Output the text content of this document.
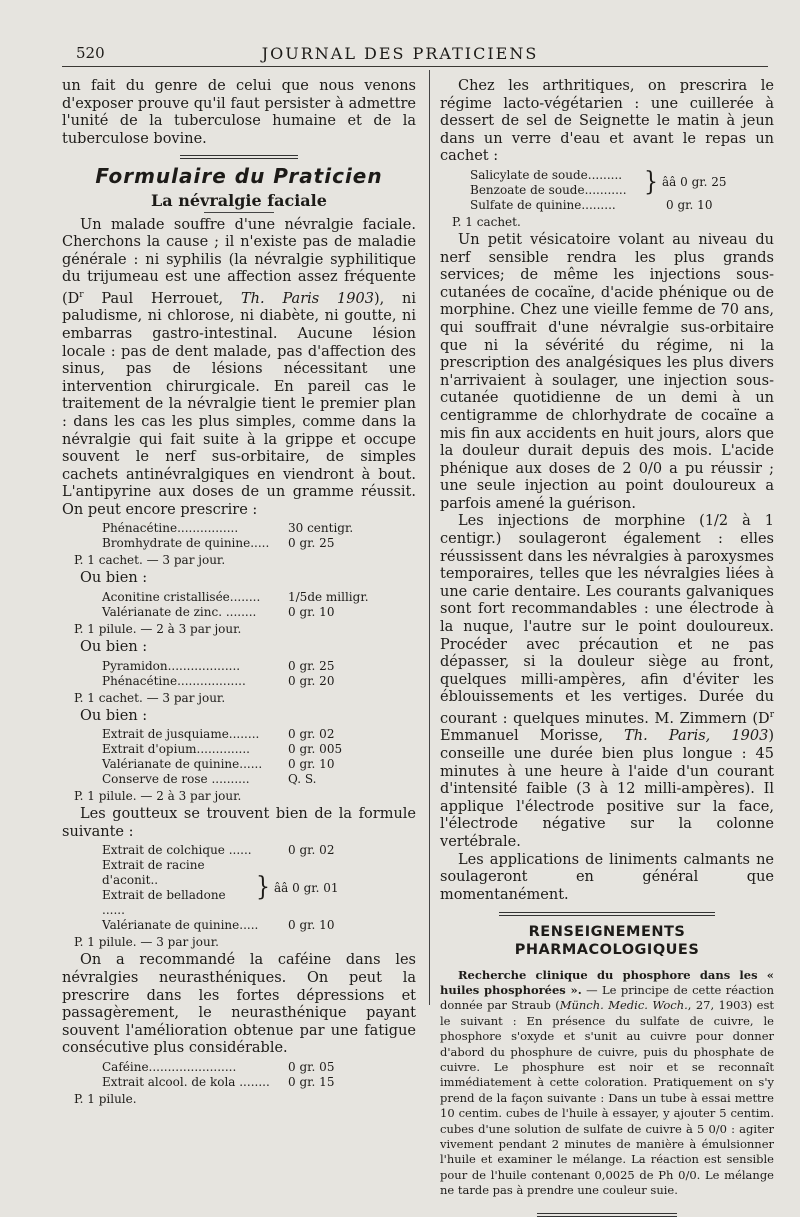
520	JOURNAL DES PRATICIENS

un fait du genre de celui que nous venons d'exposer prouve qu'il faut persister à admettre l'unité de la tuberculose humaine et de la tuberculose bovine.

Formulaire du Praticien
La névralgie faciale

Un malade souffre d'une névralgie faciale. Cherchons la cause ; il n'existe pas de maladie générale : ni syphilis (la névralgie syphilitique du trijumeau est une affection assez fréquente ($D^r$ Paul Herrouet, Th. Paris 1903), ni paludisme, ni chlorose, ni diabète, ni goutte, ni embarras gastro-intestinal. Aucune lésion locale : pas de dent malade, pas d'affection des sinus, pas de lésions nécessitant une intervention chirurgicale. En pareil cas le traitement de la névralgie tient le premier plan : dans les cas les plus simples, comme dans la névralgie qui fait suite à la grippe et occupe souvent le nerf sus-orbitaire, de simples cachets antinévralgiques en viendront à bout. L'antipyrine aux doses de un gramme réussit. On peut encore prescrire :

Phénacétine................	30 centigr.
Bromhydrate de quinine.....	0 gr. 25
P. 1 cachet. — 3 par jour.
Ou bien :
Aconitine cristallisée........	1/5de milligr.
Valérianate de zinc. ........	0 gr. 10
P. 1 pilule. — 2 à 3 par jour.
Ou bien :
Pyramidon...................	0 gr. 25
Phénacétine..................	0 gr. 20
P. 1 cachet. — 3 par jour.
Ou bien :
Extrait de jusquiame........	0 gr. 02
Extrait d'opium..............	0 gr. 005
Valérianate de quinine......	0 gr. 10
Conserve de rose ..........	Q. S.
P. 1 pilule. — 2 à 3 par jour.

Les goutteux se trouvent bien de la formule suivante :

Extrait de colchique ......	0 gr. 02
Extrait de racine d'aconit..
Extrait de belladone ......
} ââ 0 gr. 01
Valérianate de quinine.....	0 gr. 10
P. 1 pilule. — 3 par jour.

On a recommandé la caféine dans les névralgies neurasthéniques. On peut la prescrire dans les fortes dépressions et passagèrement, le neurasthénique payant souvent l'amélioration obtenue par une fatigue consécutive plus considérable.

Caféine.......................	0 gr. 05
Extrait alcool. de kola ........	0 gr. 15
P. 1 pilule.

Chez les arthritiques, on prescrira le régime lacto-végétarien : une cuillerée à dessert de sel de Seignette le matin à jeun dans un verre d'eau et avant le repas un cachet :

Salicylate de soude.........
Benzoate de soude........... } ââ 0 gr. 25
Sulfate de quinine.........	0 gr. 10
P. 1 cachet.

Un petit vésicatoire volant au niveau du nerf sensible rendra les plus grands services; de même les injections sous-cutanées de cocaïne, d'acide phénique ou de morphine. Chez une vieille femme de 70 ans, qui souffrait d'une névralgie sus-orbitaire que ni la sévérité du régime, ni la prescription des analgésiques les plus divers n'arrivaient à soulager, une injection sous-cutanée quotidienne de un demi à un centigramme de chlorhydrate de cocaïne a mis fin aux accidents en huit jours, alors que la douleur durait depuis des mois. L'acide phénique aux doses de 2 0/0 a pu réussir ; une seule injection au point douloureux a parfois amené la guérison.

Les injections de morphine (1/2 à 1 centigr.) soulageront également : elles réussissent dans les névralgies à paroxysmes temporaires, telles que les névralgies liées à une carie dentaire. Les courants galvaniques sont fort recommandables : une électrode à la nuque, l'autre sur le point douloureux. Procéder avec précaution et ne pas dépasser, si la douleur siège au front, quelques milli-ampères, afin d'éviter les éblouissements et les vertiges. Durée du courant : quelques minutes. M. Zimmern ($D^r$ Emmanuel Morisse, Th. Paris, 1903) conseille une durée bien plus longue : 45 minutes à une heure à l'aide d'un courant d'intensité faible (3 à 12 milli-ampères). Il applique l'électrode positive sur la face, l'électrode négative sur la colonne vertébrale.

Les applications de liniments calmants ne soulageront en général que momentanément.

RENSEIGNEMENTS PHARMACOLOGIQUES

Recherche clinique du phosphore dans les « huiles phosphorées ». — Le principe de cette réaction donnée par Straub (Münch. Medic. Woch., 27, 1903) est le suivant : En présence du sulfate de cuivre, le phosphore s'oxyde et s'unit au cuivre pour donner d'abord du phosphure de cuivre, puis du phosphate de cuivre. Le phosphure est noir et se reconnaît immédiatement à cette coloration. Pratiquement on s'y prend de la façon suivante : Dans un tube à essai mettre 10 centim. cubes de l'huile à essayer, y ajouter 5 centim. cubes d'une solution de sulfate de cuivre à 5 0/0 : agiter vivement pendant 2 minutes de manière à émulsionner l'huile et examiner le mélange. La réaction est sensible pour de l'huile contenant 0,0025 de Ph 0/0. Le mélange ne tarde pas à prendre une couleur suie.
